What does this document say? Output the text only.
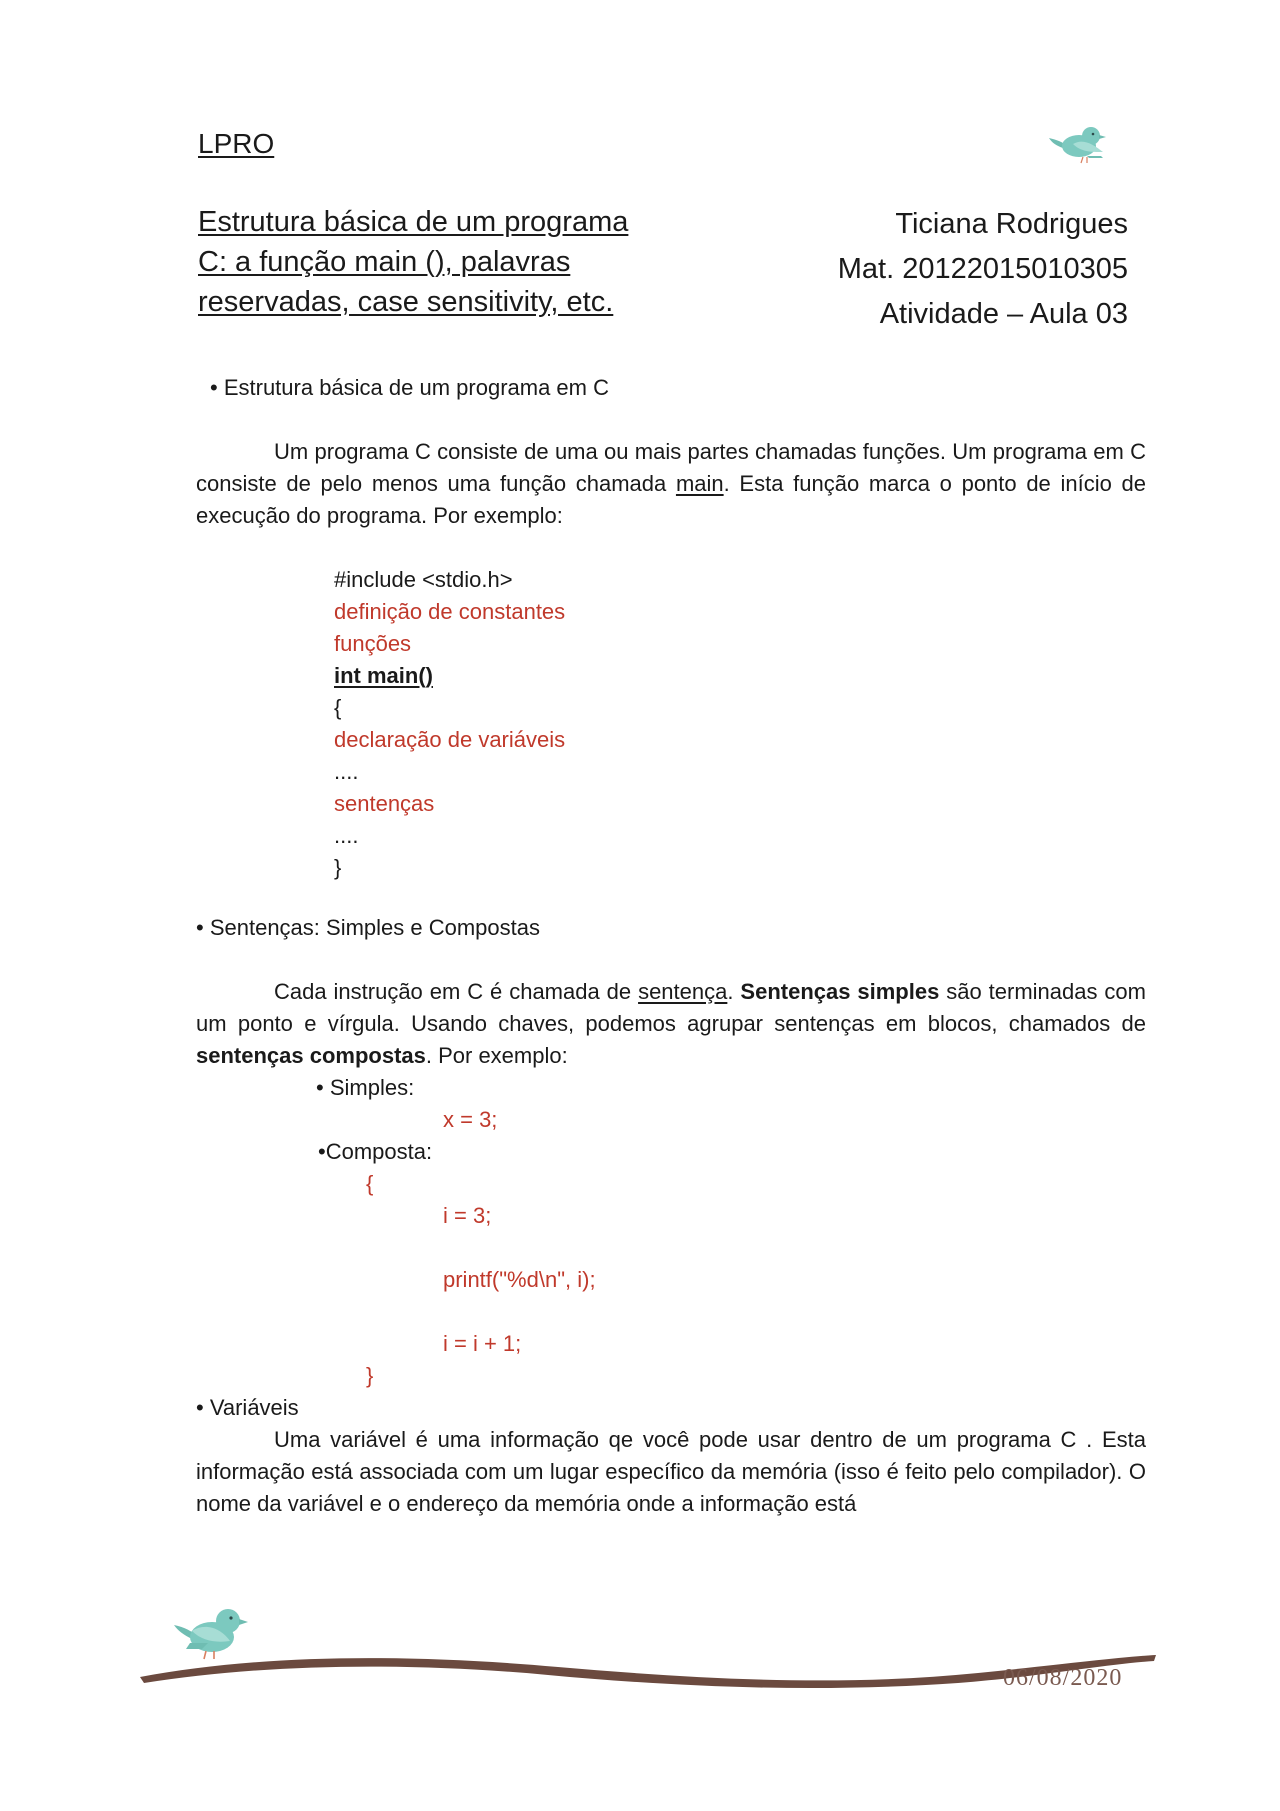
LPRO
Estrutura básica de um programa
C: a função main (), palavras
reservadas, case sensitivity, etc.
Ticiana Rodrigues
Mat. 20122015010305
Atividade – Aula 03
• Estrutura básica de um programa em C
Um programa C consiste de uma ou mais partes chamadas funções. Um programa em C consiste de pelo menos uma função chamada main. Esta função marca o ponto de início de execução do programa. Por exemplo:
#include <stdio.h>
definição de constantes
funções
int main()
{
declaração de variáveis
....
sentenças
....
}
• Sentenças: Simples e Compostas
Cada instrução em C é chamada de sentença. Sentenças simples são terminadas com um ponto e vírgula. Usando chaves, podemos agrupar sentenças em blocos, chamados de sentenças compostas. Por exemplo:
• Simples:
x = 3;
•Composta:
{
i = 3;
printf("%d\n", i);
i = i + 1;
}
• Variáveis
Uma variável é uma informação qe você pode usar dentro de um programa C . Esta informação está associada com um lugar específico da memória (isso é feito pelo compilador). O nome da variável e o endereço da memória onde a informação está
06/08/2020
